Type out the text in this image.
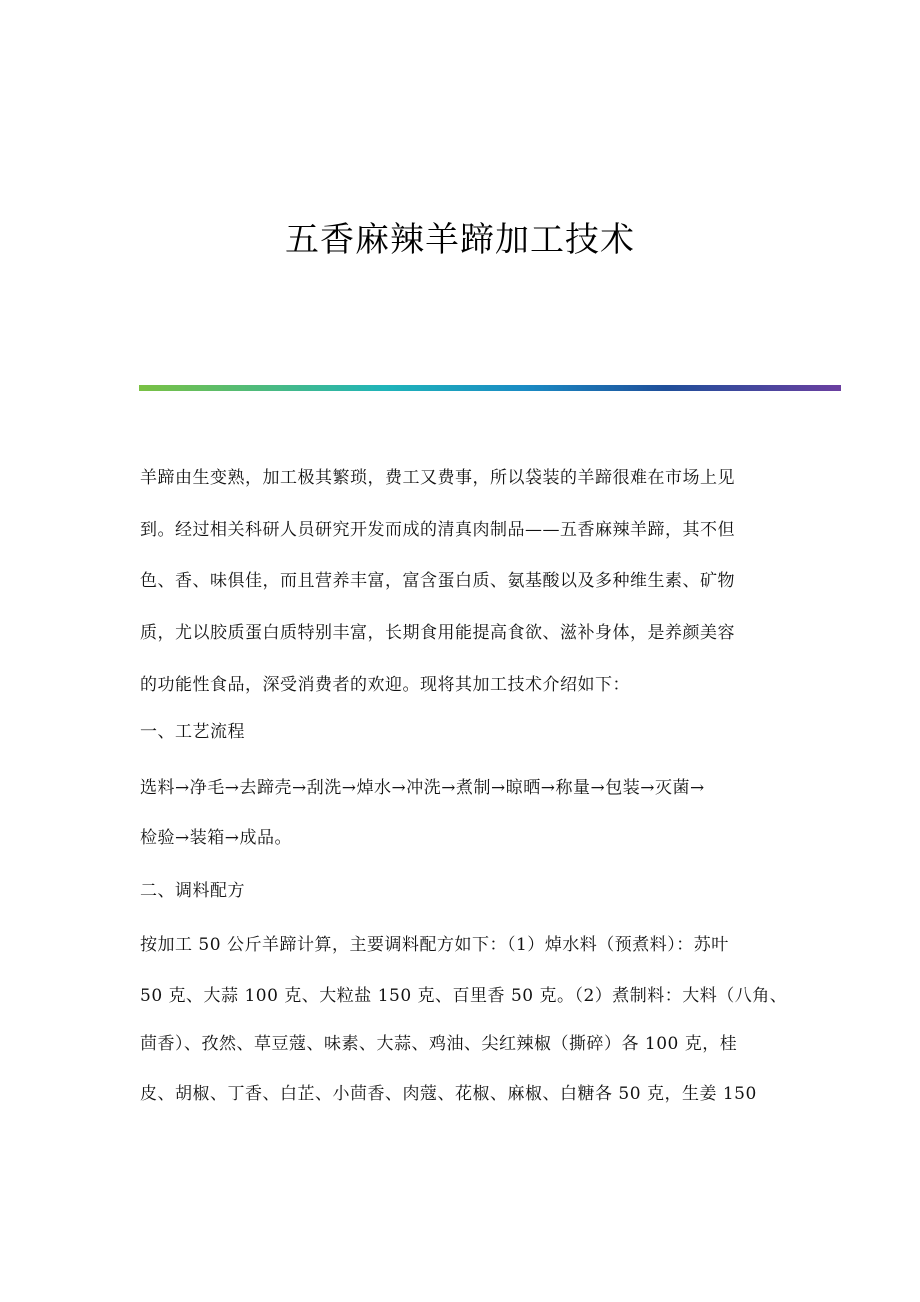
五香麻辣羊蹄加工技术
羊蹄由生变熟，加工极其繁琐，费工又费事，所以袋装的羊蹄很难在市场上见
到。经过相关科研人员研究开发而成的清真肉制品——五香麻辣羊蹄，其不但
色、香、味俱佳，而且营养丰富，富含蛋白质、氨基酸以及多种维生素、矿物
质，尤以胶质蛋白质特别丰富，长期食用能提高食欲、滋补身体，是养颜美容
的功能性食品，深受消费者的欢迎。现将其加工技术介绍如下：
一、工艺流程
选料→净毛→去蹄壳→刮洗→焯水→冲洗→煮制→晾晒→称量→包装→灭菌→
检验→装箱→成品。
二、调料配方
按加工 50 公斤羊蹄计算，主要调料配方如下：（1）焯水料（预煮料）：苏叶
50 克、大蒜 100 克、大粒盐 150 克、百里香 50 克。（2）煮制料：大料（八角、
茴香）、孜然、草豆蔻、味素、大蒜、鸡油、尖红辣椒（撕碎）各 100 克，桂
皮、胡椒、丁香、白芷、小茴香、肉蔻、花椒、麻椒、白糖各 50 克，生姜 150
